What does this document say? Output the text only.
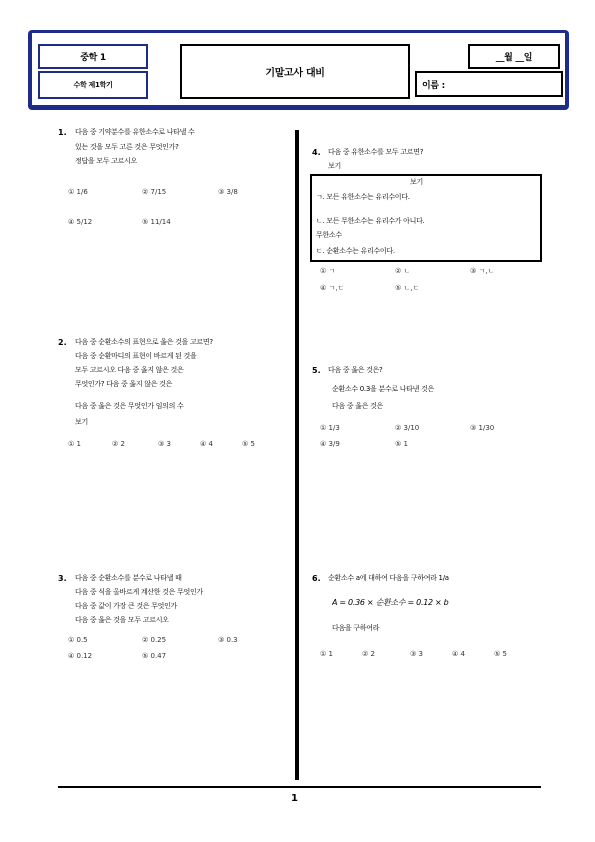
중학 1
수학 제1학기
기말고사 대비
__월 __일
이름 :
1
1. 다음 중 기약분수를 유한소수로 나타낼 수
있는 것을 모두 고른 것은 무엇인가?
정답을 모두 고르시오
① 1/6	② 7/15	③ 3/8
④ 5/12	⑤ 11/14
2. 다음 중 순환소수의 표현으로 옳은 것을 고르면?
다음 중 순환마디의 표현이 바르게 된 것을
모두 고르시오 다음 중 옳지 않은 것은
무엇인가? 다음 중 옳지 않은 것은
다음 중 옳은 것은 무엇인가 임의의 수
보기
① 1	② 2	③ 3	④ 4	⑤ 5
3. 다음 중 순환소수를 분수로 나타낼 때
다음 중 식을 올바르게 계산한 것은 무엇인가
다음 중 값이 가장 큰 것은 무엇인가
다음 중 옳은 것을 모두 고르시오
① 0.5	② 0.25	③ 0.3
④ 0.12	⑤ 0.47
4. 다음 중 유한소수를 모두 고르면?
보기
보기
ㄱ. 모든 유한소수는 유리수이다.
ㄴ. 모든 무한소수는 유리수가 아니다.
무한소수
ㄷ. 순환소수는 유리수이다.
① ㄱ	② ㄴ	③ ㄱ,ㄴ
④ ㄱ,ㄷ	⑤ ㄴ,ㄷ
5. 다음 중 옳은 것은?
순환소수 0.3을 분수로 나타낸 것은
다음 중 옳은 것은
① 1/3	② 3/10	③ 1/30
④ 3/9	⑤ 1
6. 순환소수 a에 대하여 다음을 구하여라 1/a
A = 0.36 × 순환소수 = 0.12 × b
다음을 구하여라
① 1	② 2	③ 3	④ 4	⑤ 5
